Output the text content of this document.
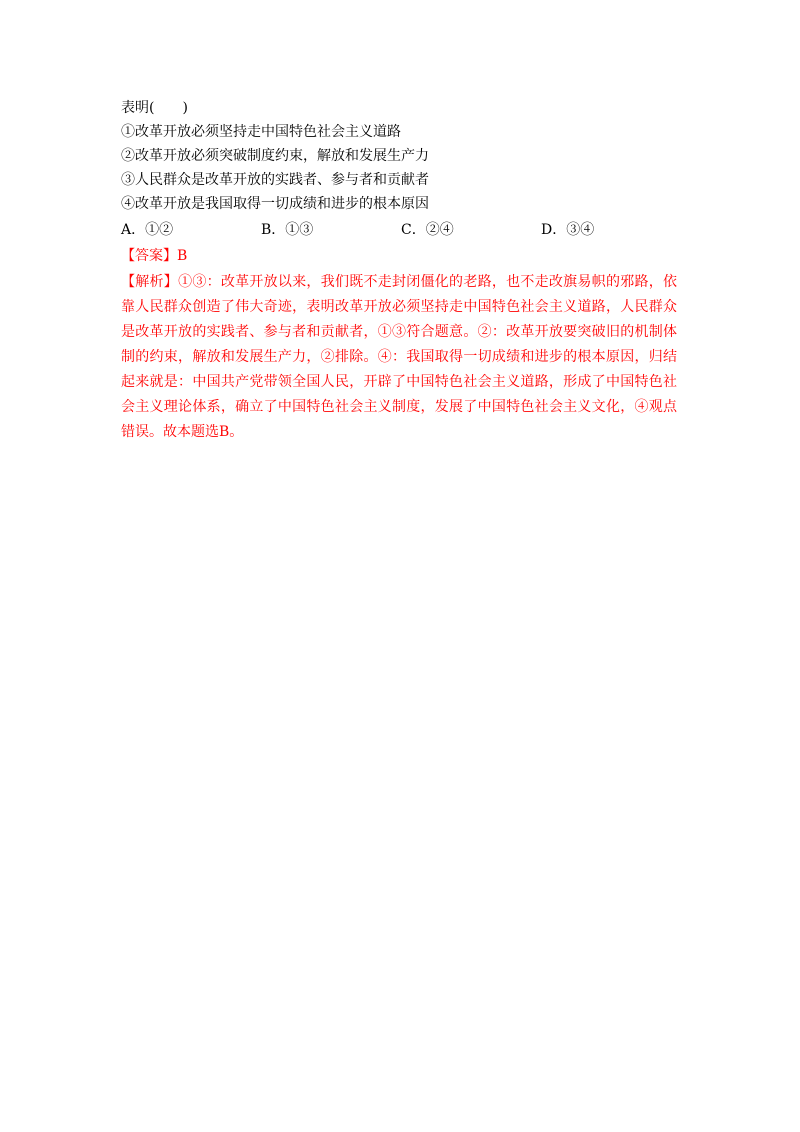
表明(　　)
①改革开放必须坚持走中国特色社会主义道路
②改革开放必须突破制度约束，解放和发展生产力
③人民群众是改革开放的实践者、参与者和贡献者
④改革开放是我国取得一切成绩和进步的根本原因
A．①②	B．①③	C．②④	D．③④
【答案】B
【解析】①③：改革开放以来，我们既不走封闭僵化的老路，也不走改旗易帜的邪路，依靠人民群众创造了伟大奇迹，表明改革开放必须坚持走中国特色社会主义道路，人民群众是改革开放的实践者、参与者和贡献者，①③符合题意。②：改革开放要突破旧的机制体制的约束，解放和发展生产力，②排除。④：我国取得一切成绩和进步的根本原因，归结起来就是：中国共产党带领全国人民，开辟了中国特色社会主义道路，形成了中国特色社会主义理论体系，确立了中国特色社会主义制度，发展了中国特色社会主义文化，④观点错误。故本题选B。
